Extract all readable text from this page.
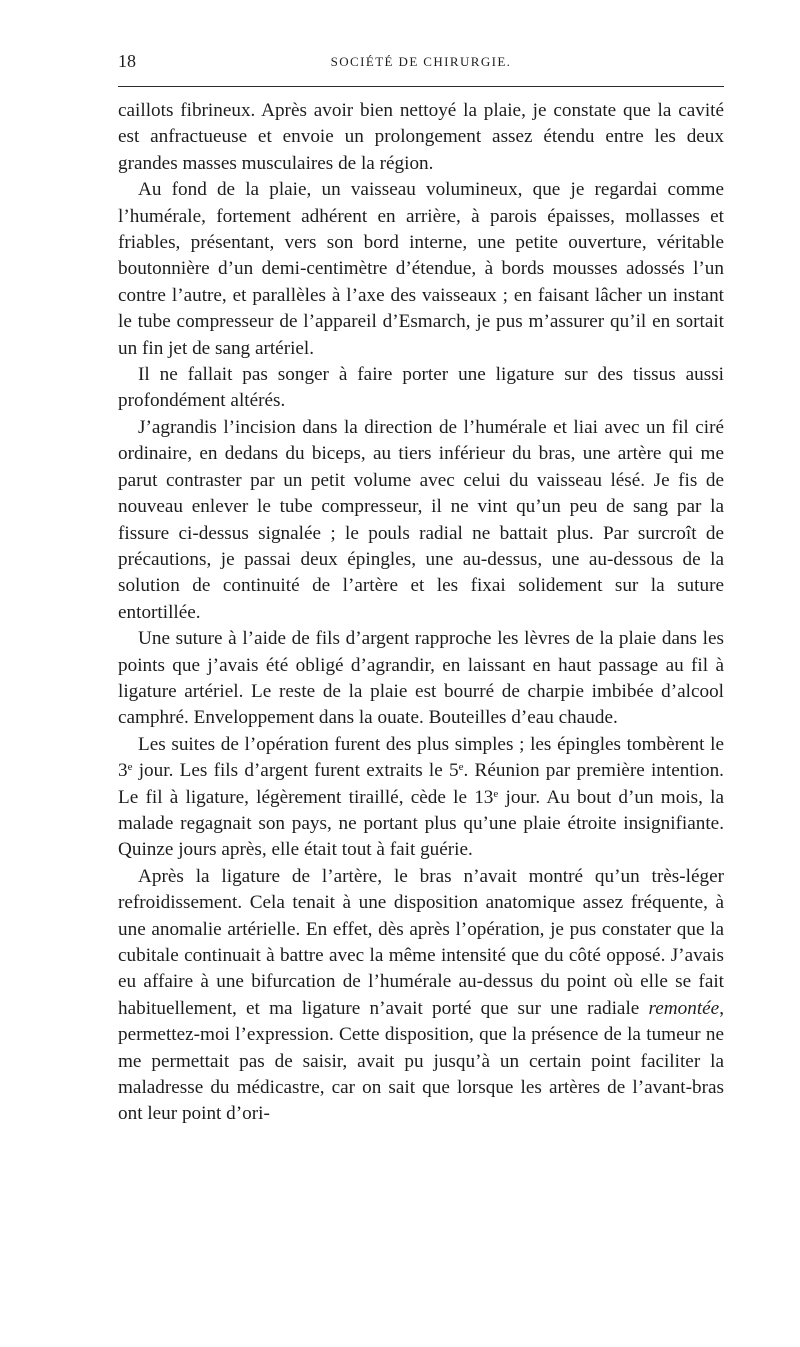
18	SOCIÉTÉ DE CHIRURGIE.

caillots fibrineux. Après avoir bien nettoyé la plaie, je constate que la cavité est anfractueuse et envoie un prolongement assez étendu entre les deux grandes masses musculaires de la région.

Au fond de la plaie, un vaisseau volumineux, que je regardai comme l’humérale, fortement adhérent en arrière, à parois épaisses, mollasses et friables, présentant, vers son bord interne, une petite ouverture, véritable boutonnière d’un demi-centimètre d’étendue, à bords mousses adossés l’un contre l’autre, et parallèles à l’axe des vaisseaux ; en faisant lâcher un instant le tube compresseur de l’appareil d’Esmarch, je pus m’assurer qu’il en sortait un fin jet de sang artériel.

Il ne fallait pas songer à faire porter une ligature sur des tissus aussi profondément altérés.

J’agrandis l’incision dans la direction de l’humérale et liai avec un fil ciré ordinaire, en dedans du biceps, au tiers inférieur du bras, une artère qui me parut contraster par un petit volume avec celui du vaisseau lésé. Je fis de nouveau enlever le tube compresseur, il ne vint qu’un peu de sang par la fissure ci-dessus signalée ; le pouls radial ne battait plus. Par surcroît de précautions, je passai deux épingles, une au-dessus, une au-dessous de la solution de continuité de l’artère et les fixai solidement sur la suture entortillée.

Une suture à l’aide de fils d’argent rapproche les lèvres de la plaie dans les points que j’avais été obligé d’agrandir, en laissant en haut passage au fil à ligature artériel. Le reste de la plaie est bourré de charpie imbibée d’alcool camphré. Enveloppement dans la ouate. Bouteilles d’eau chaude.

Les suites de l’opération furent des plus simples ; les épingles tombèrent le 3e jour. Les fils d’argent furent extraits le 5e. Réunion par première intention. Le fil à ligature, légèrement tiraillé, cède le 13e jour. Au bout d’un mois, la malade regagnait son pays, ne portant plus qu’une plaie étroite insignifiante. Quinze jours après, elle était tout à fait guérie.

Après la ligature de l’artère, le bras n’avait montré qu’un très-léger refroidissement. Cela tenait à une disposition anatomique assez fréquente, à une anomalie artérielle. En effet, dès après l’opération, je pus constater que la cubitale continuait à battre avec la même intensité que du côté opposé. J’avais eu affaire à une bifurcation de l’humérale au-dessus du point où elle se fait habituellement, et ma ligature n’avait porté que sur une radiale remontée, permettez-moi l’expression. Cette disposition, que la présence de la tumeur ne me permettait pas de saisir, avait pu jusqu’à un certain point faciliter la maladresse du médicastre, car on sait que lorsque les artères de l’avant-bras ont leur point d’ori-
